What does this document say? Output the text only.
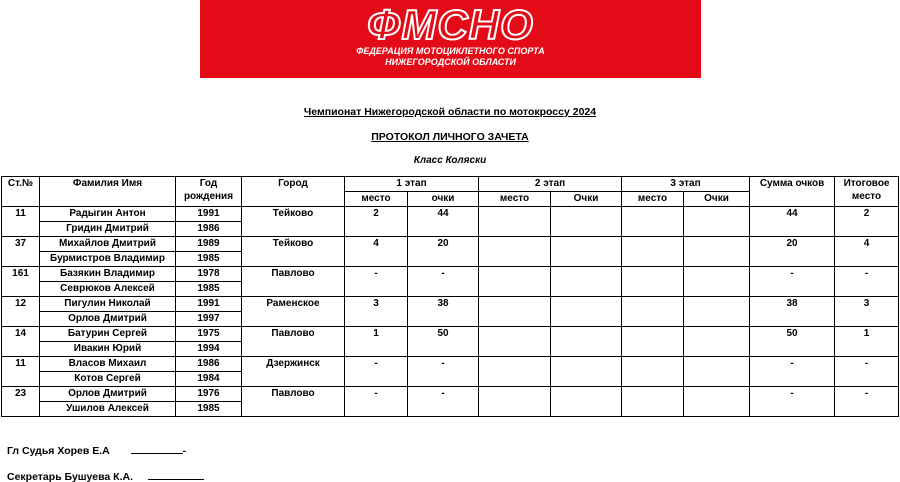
ФМСНО
ФЕДЕРАЦИЯ МОТОЦИКЛЕТНОГО СПОРТА
НИЖЕГОРОДСКОЙ ОБЛАСТИ
Чемпионат Нижегородской области по мотокроссу 2024
ПРОТОКОЛ ЛИЧНОГО ЗАЧЕТА
Класс Коляски
Ст.№	Фамилия Имя	Год рождения	Город	1 этап		2 этап		3 этап		Сумма очков	Итоговое место
				место	очки	место	Очки	место	Очки		
11	Радыгин Антон	1991	Тейково	2	44					44	2
	Гридин Дмитрий	1986									
37	Михайлов Дмитрий	1989	Тейково	4	20					20	4
	Бурмистров Владимир	1985									
161	Базякин Владимир	1978	Павлово	-	-					-	-
	Севрюков Алексей	1985									
12	Пигулин Николай	1991	Раменское	3	38					38	3
	Орлов Дмитрий	1997									
14	Батурин Сергей	1975	Павлово	1	50					50	1
	Ивакин Юрий	1994									
11	Власов Михаил	1986	Дзержинск	-	-					-	-
	Котов Сергей	1984									
23	Орлов Дмитрий	1976	Павлово	-	-					-	-
	Ушилов Алексей	1985									
Гл Судья Хорев Е.А	-
Секретарь Бушуева К.А.
